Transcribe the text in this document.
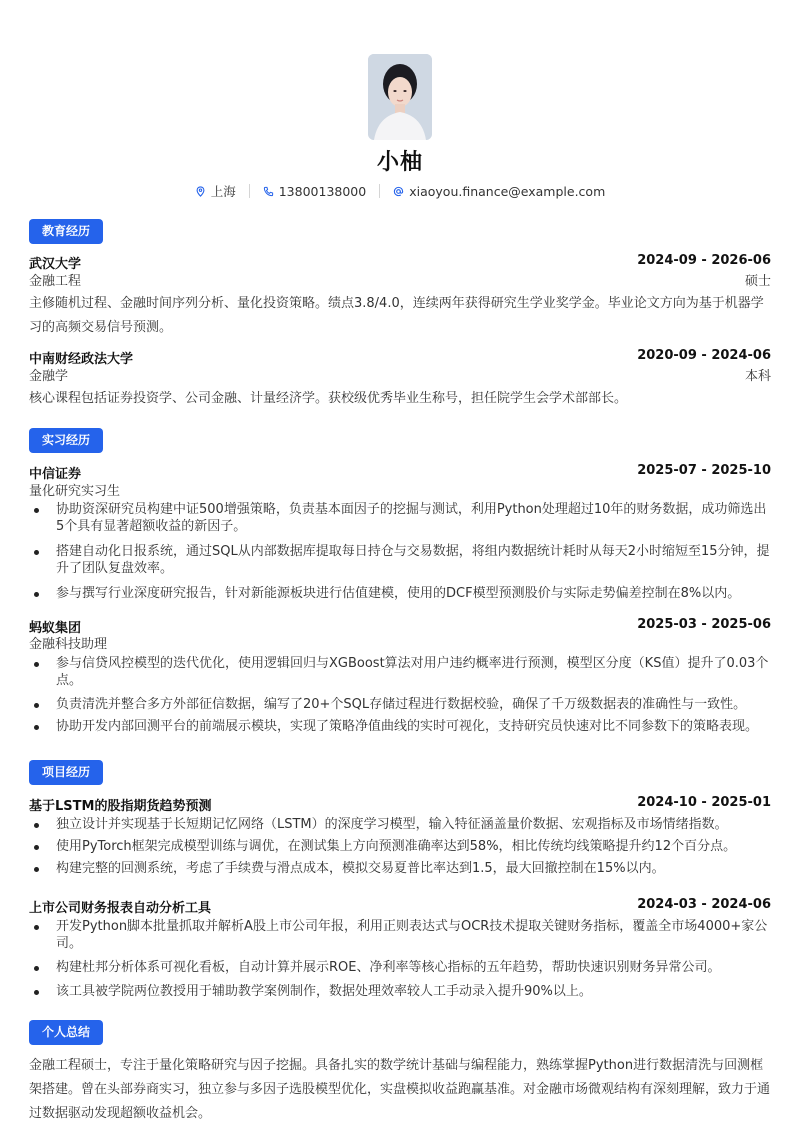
小柚
上海	13800138000	xiaoyou.finance@example.com
教育经历
武汉大学	2024-09 - 2026-06
金融工程	硕士
主修随机过程、金融时间序列分析、量化投资策略。绩点3.8/4.0，连续两年获得研究生学业奖学金。毕业论文方向为基于机器学习的高频交易信号预测。
中南财经政法大学	2020-09 - 2024-06
金融学	本科
核心课程包括证券投资学、公司金融、计量经济学。获校级优秀毕业生称号，担任院学生会学术部部长。
实习经历
中信证券	2025-07 - 2025-10
量化研究实习生
协助资深研究员构建中证500增强策略，负责基本面因子的挖掘与测试，利用Python处理超过10年的财务数据，成功筛选出5个具有显著超额收益的新因子。
搭建自动化日报系统，通过SQL从内部数据库提取每日持仓与交易数据，将组内数据统计耗时从每天2小时缩短至15分钟，提升了团队复盘效率。
参与撰写行业深度研究报告，针对新能源板块进行估值建模，使用的DCF模型预测股价与实际走势偏差控制在8%以内。
蚂蚁集团	2025-03 - 2025-06
金融科技助理
参与信贷风控模型的迭代优化，使用逻辑回归与XGBoost算法对用户违约概率进行预测，模型区分度（KS值）提升了0.03个点。
负责清洗并整合多方外部征信数据，编写了20+个SQL存储过程进行数据校验，确保了千万级数据表的准确性与一致性。
协助开发内部回测平台的前端展示模块，实现了策略净值曲线的实时可视化，支持研究员快速对比不同参数下的策略表现。
项目经历
基于LSTM的股指期货趋势预测	2024-10 - 2025-01
独立设计并实现基于长短期记忆网络（LSTM）的深度学习模型，输入特征涵盖量价数据、宏观指标及市场情绪指数。
使用PyTorch框架完成模型训练与调优，在测试集上方向预测准确率达到58%，相比传统均线策略提升约12个百分点。
构建完整的回测系统，考虑了手续费与滑点成本，模拟交易夏普比率达到1.5，最大回撤控制在15%以内。
上市公司财务报表自动分析工具	2024-03 - 2024-06
开发Python脚本批量抓取并解析A股上市公司年报，利用正则表达式与OCR技术提取关键财务指标，覆盖全市场4000+家公司。
构建杜邦分析体系可视化看板，自动计算并展示ROE、净利率等核心指标的五年趋势，帮助快速识别财务异常公司。
该工具被学院两位教授用于辅助教学案例制作，数据处理效率较人工手动录入提升90%以上。
个人总结
金融工程硕士，专注于量化策略研究与因子挖掘。具备扎实的数学统计基础与编程能力，熟练掌握Python进行数据清洗与回测框架搭建。曾在头部券商实习，独立参与多因子选股模型优化，实盘模拟收益跑赢基准。对金融市场微观结构有深刻理解，致力于通过数据驱动发现超额收益机会。
